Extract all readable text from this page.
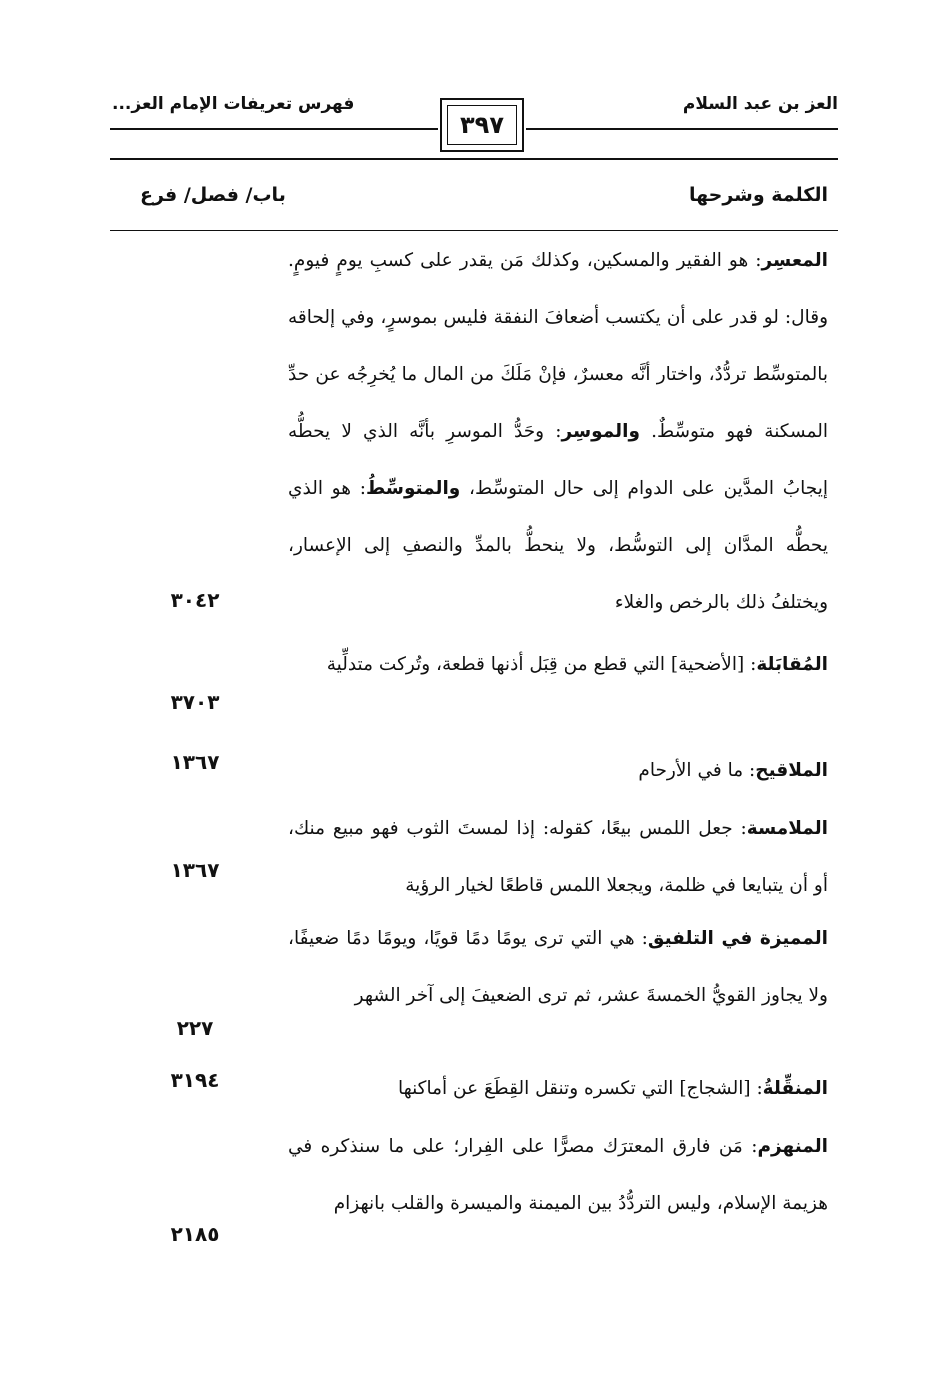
العز بن عبد السلام
٣٩٧
فهرس تعريفات الإمام العز...
الكلمة وشرحها
باب/ فصل/ فرع
المعسِر: هو الفقير والمسكين، وكذلك مَن يقدر على كسبِ يومٍ فيومٍ. وقال: لو قدر على أن يكتسب أضعافَ النفقة فليس بموسرٍ، وفي إلحاقه بالمتوسِّط تردُّدٌ، واختار أنَّه معسرٌ، فإنْ مَلَكَ من المال ما يُخرِجُه عن حدِّ المسكنة فهو متوسِّطٌ. والموسِر: وحَدُّ الموسرِ بأنَّه الذي لا يحطُّه إيجابُ المدَّين على الدوام إلى حال المتوسِّط، والمتوسِّطُ: هو الذي يحطُّه المدَّان إلى التوسُّط، ولا ينحطُّ بالمدِّ والنصفِ إلى الإعسار، ويختلفُ ذلك بالرخص والغلاء
٣٠٤٢
المُقابَلة: [الأضحية] التي قطع من قِبَل أذنها قطعة، وتُركت متدلِّية
٣٧٠٣
الملاقيح: ما في الأرحام
١٣٦٧
الملامسة: جعل اللمس بيعًا، كقوله: إذا لمستَ الثوب فهو مبيع منك، أو أن يتبايعا في ظلمة، ويجعلا اللمس قاطعًا لخيار الرؤية
١٣٦٧
المميزة في التلفيق: هي التي ترى يومًا دمًا قويًا، ويومًا دمًا ضعيفًا، ولا يجاوز القويُّ الخمسةَ عشر، ثم ترى الضعيفَ إلى آخر الشهر
٢٢٧
المنقِّلةُ: [الشجاج] التي تكسره وتنقل القِطَعَ عن أماكنها
٣١٩٤
المنهزم: مَن فارق المعترَك مصرًّا على الفِرار؛ على ما سنذكره في هزيمة الإسلام، وليس التردُّدُ بين الميمنة والميسرة والقلب بانهزام
٢١٨٥
